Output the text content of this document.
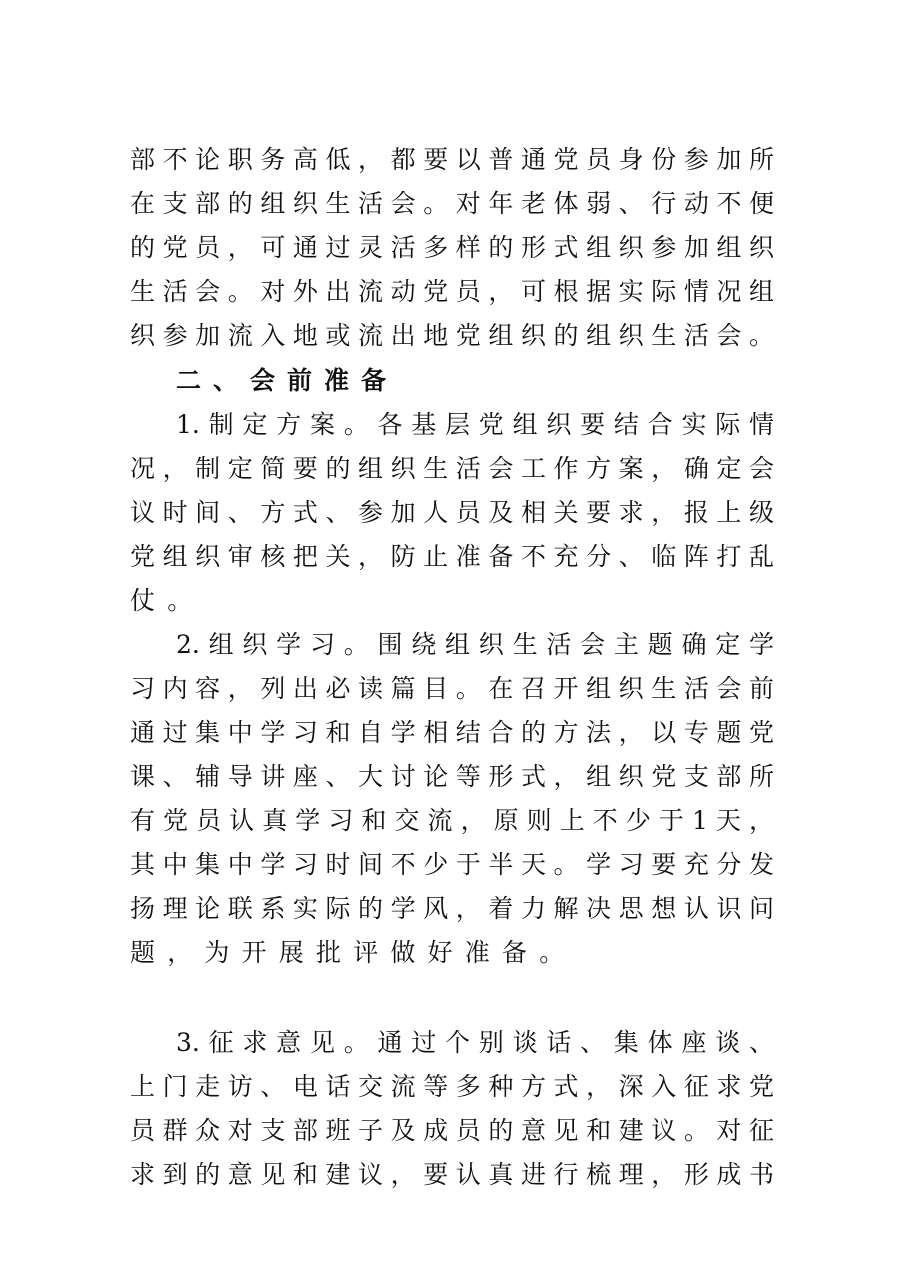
部不论职务高低，都要以普通党员身份参加所
在支部的组织生活会。对年老体弱、行动不便
的党员，可通过灵活多样的形式组织参加组织
生活会。对外出流动党员，可根据实际情况组
织参加流入地或流出地党组织的组织生活会。
二、会前准备
1.制定方案。各基层党组织要结合实际情
况，制定简要的组织生活会工作方案，确定会
议时间、方式、参加人员及相关要求，报上级
党组织审核把关，防止准备不充分、临阵打乱
仗。
2.组织学习。围绕组织生活会主题确定学
习内容，列出必读篇目。在召开组织生活会前
通过集中学习和自学相结合的方法，以专题党
课、辅导讲座、大讨论等形式，组织党支部所
有党员认真学习和交流，原则上不少于1天，
其中集中学习时间不少于半天。学习要充分发
扬理论联系实际的学风，着力解决思想认识问
题，为开展批评做好准备。
3.征求意见。通过个别谈话、集体座谈、
上门走访、电话交流等多种方式，深入征求党
员群众对支部班子及成员的意见和建议。对征
求到的意见和建议，要认真进行梳理，形成书
